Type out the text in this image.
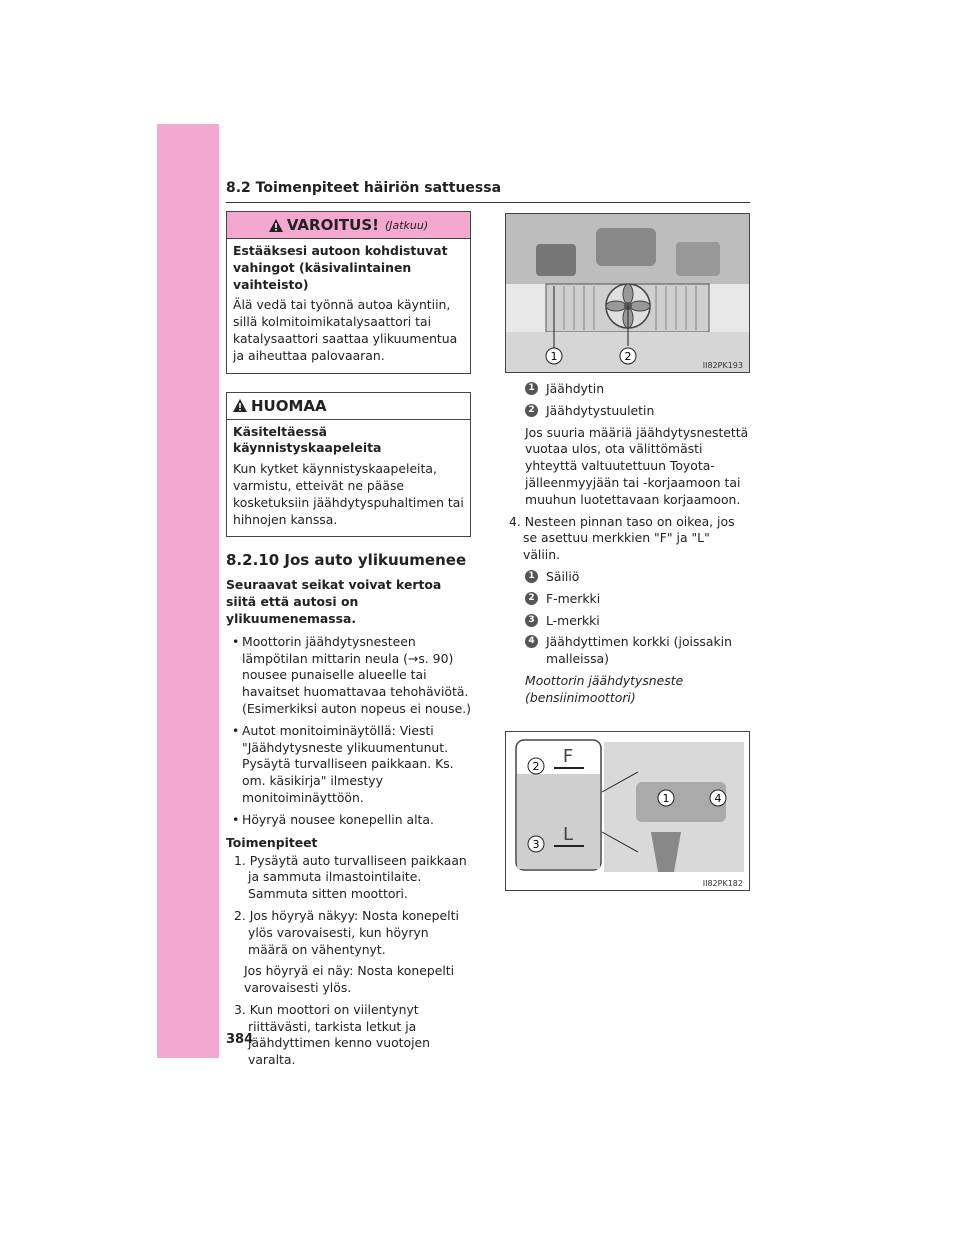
8.2 Toimenpiteet häiriön sattuessa
VAROITUS! (Jatkuu)
Estääksesi autoon kohdistuvat vahingot (käsivalintainen vaihteisto)
Älä vedä tai työnnä autoa käyntiin, sillä kolmitoimikatalysaattori tai katalysaattori saattaa ylikuumentua ja aiheuttaa palovaaran.
HUOMAA
Käsiteltäessä käynnistyskaapeleita
Kun kytket käynnistyskaapeleita, varmistu, etteivät ne pääse kosketuksiin jäähdytyspuhaltimen tai hihnojen kanssa.
8.2.10 Jos auto ylikuumenee
Seuraavat seikat voivat kertoa siitä että autosi on ylikuumenemassa.
• Moottorin jäähdytysnesteen lämpötilan mittarin neula (→s. 90) nousee punaiselle alueelle tai havaitset huomattavaa tehohäviötä. (Esimerkiksi auton nopeus ei nouse.)
• Autot monitoiminäytöllä: Viesti "Jäähdytysneste ylikuumentunut. Pysäytä turvalliseen paikkaan. Ks. om. käsikirja" ilmestyy monitoiminäyttöön.
• Höyryä nousee konepellin alta.
Toimenpiteet
1. Pysäytä auto turvalliseen paikkaan ja sammuta ilmastointilaite. Sammuta sitten moottori.
2. Jos höyryä näkyy: Nosta konepelti ylös varovaisesti, kun höyryn määrä on vähentynyt.
Jos höyryä ei näy: Nosta konepelti varovaisesti ylös.
3. Kun moottori on viilentynyt riittävästi, tarkista letkut ja jäähdyttimen kenno vuotojen varalta.
1	2
II82PK193
1 Jäähdytin
2 Jäähdytystuuletin
Jos suuria määriä jäähdytysnestettä vuotaa ulos, ota välittömästi yhteyttä valtuutettuun Toyota-jälleenmyyjään tai -korjaamoon tai muuhun luotettavaan korjaamoon.
4. Nesteen pinnan taso on oikea, jos se asettuu merkkien "F" ja "L" väliin.
1 Säiliö
2 F-merkki
3 L-merkki
4 Jäähdyttimen korkki (joissakin malleissa)
Moottorin jäähdytysneste (bensiinimoottori)
F
L
2
3
1	4
II82PK182
384
